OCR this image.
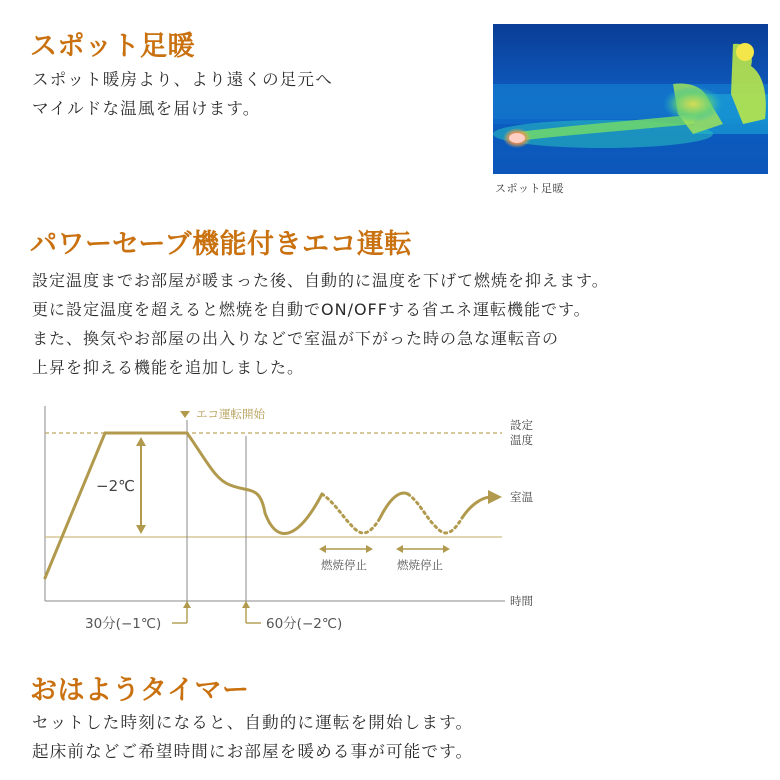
スポット足暖

スポット暖房より、より遠くの足元へ
マイルドな温風を届けます。

スポット足暖
パワーセーブ機能付きエコ運転

設定温度までお部屋が暖まった後、自動的に温度を下げて燃焼を抑えます。
更に設定温度を超えると燃焼を自動でON/OFFする省エネ運転機能です。
また、換気やお部屋の出入りなどで室温が下がった時の急な運転音の
上昇を抑える機能を追加しました。

エコ運転開始
−2℃
燃焼停止	燃焼停止
設定
温度
室温
時間
30分(−1℃)	60分(−2℃)
おはようタイマー

セットした時刻になると、自動的に運転を開始します。
起床前などご希望時間にお部屋を暖める事が可能です。
